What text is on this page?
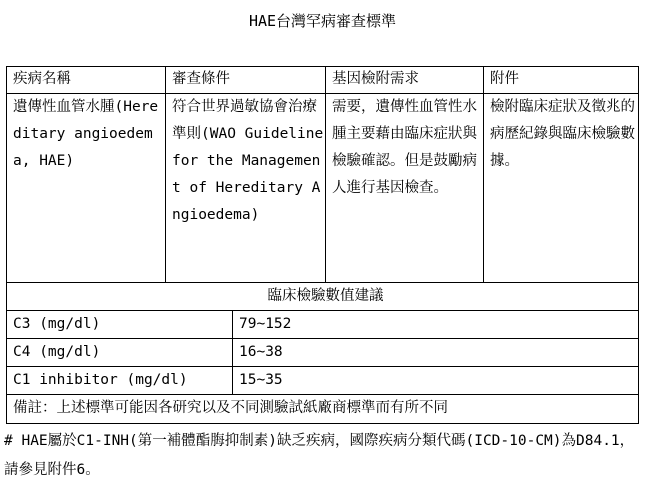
HAE台灣罕病審查標準
疾病名稱	審查條件		基因檢附需求	附件

遺傳性血管水腫(Hereditary angioedema, HAE)	符合世界過敏協會治療準則(WAO Guideline for the Management of Hereditary Angioedema)		需要，遺傳性血管性水腫主要藉由臨床症狀與檢驗確認。但是鼓勵病人進行基因檢查。	檢附臨床症狀及徵兆的病歷紀錄與臨床檢驗數據。

臨床檢驗數值建議				

C3 (mg/dl)		79~152		

C4 (mg/dl)		16~38		

C1 inhibitor (mg/dl)		15~35		

備註：上述標準可能因各研究以及不同測驗試紙廠商標準而有所不同				
# HAE屬於C1-INH(第一補體酯脢抑制素)缺乏疾病，國際疾病分類代碼(ICD-10-CM)為D84.1，請參見附件6。
